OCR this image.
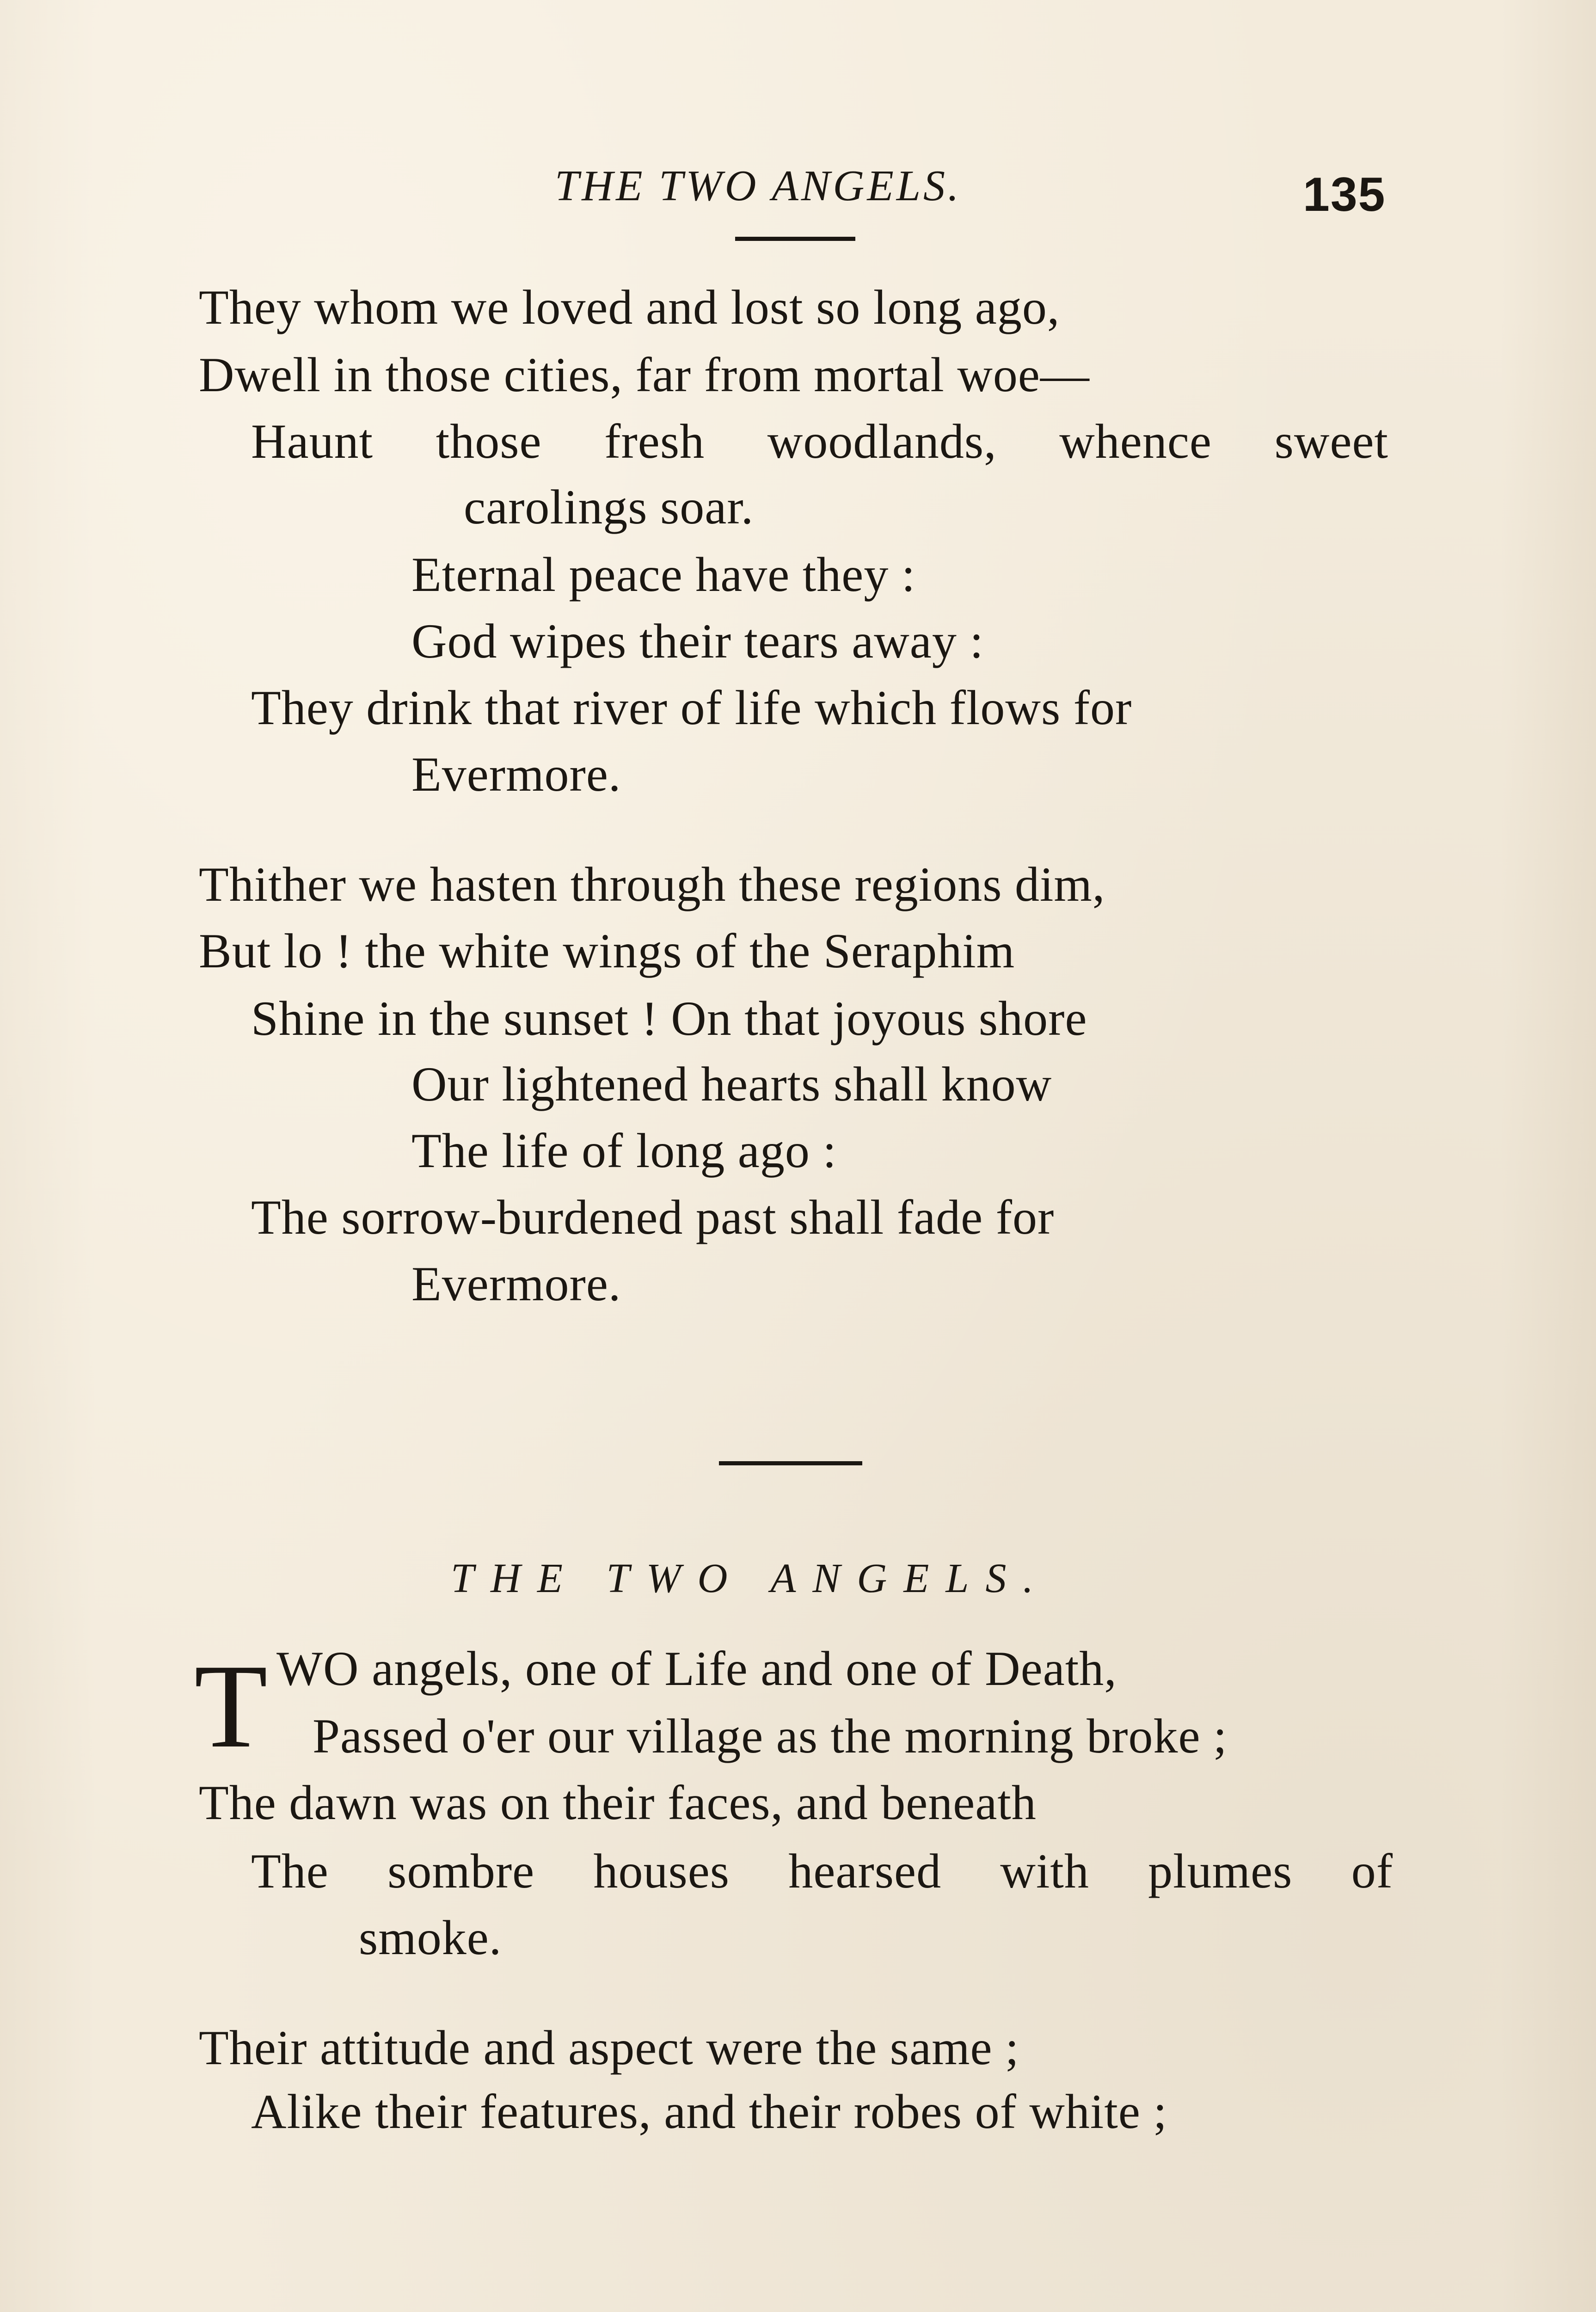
THE TWO ANGELS.	135
They whom we loved and lost so long ago,
Dwell in those cities, far from mortal woe—
Haunt those fresh woodlands, whence sweet
carolings soar.
Eternal peace have they :
God wipes their tears away :
They drink that river of life which flows for
Evermore.
Thither we hasten through these regions dim,
But lo ! the white wings of the Seraphim
Shine in the sunset ! On that joyous shore
Our lightened hearts shall know
The life of long ago :
The sorrow-burdened past shall fade for
Evermore.
THE TWO ANGELS.
T WO angels, one of Life and one of Death,
Passed o'er our village as the morning broke ;
The dawn was on their faces, and beneath
The sombre houses hearsed with plumes of
smoke.
Their attitude and aspect were the same ;
Alike their features, and their robes of white ;
